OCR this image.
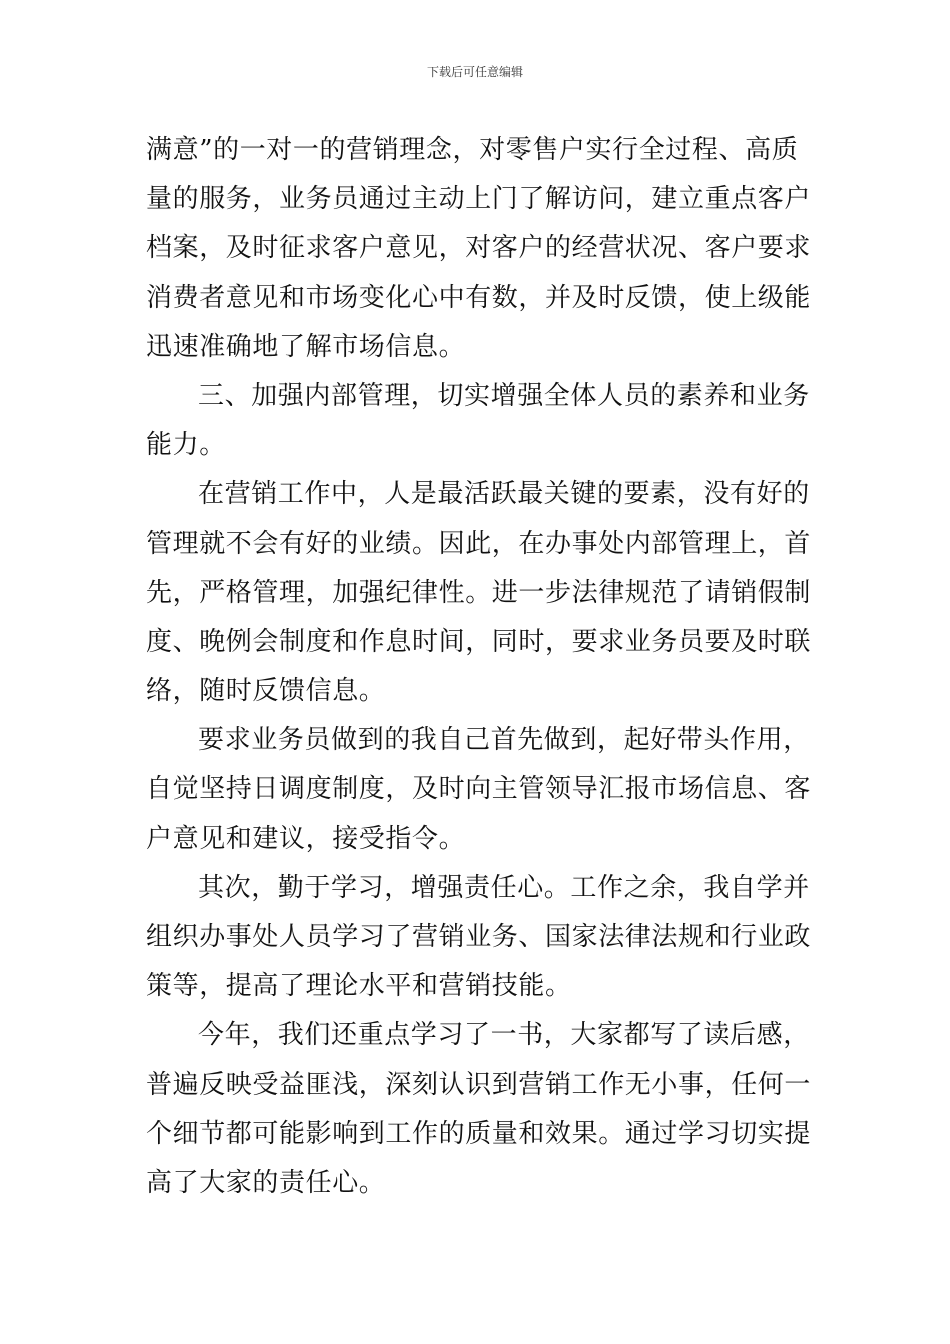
下载后可任意编辑
满意”的一对一的营销理念，对零售户实行全过程、高质
量的服务，业务员通过主动上门了解访问，建立重点客户
档案，及时征求客户意见，对客户的经营状况、客户要求
消费者意见和市场变化心中有数，并及时反馈，使上级能
迅速准确地了解市场信息。
三、加强内部管理，切实增强全体人员的素养和业务
能力。
在营销工作中，人是最活跃最关键的要素，没有好的
管理就不会有好的业绩。因此，在办事处内部管理上，首
先，严格管理，加强纪律性。进一步法律规范了请销假制
度、晚例会制度和作息时间，同时，要求业务员要及时联
络，随时反馈信息。
要求业务员做到的我自己首先做到，起好带头作用，
自觉坚持日调度制度，及时向主管领导汇报市场信息、客
户意见和建议，接受指令。
其次，勤于学习，增强责任心。工作之余，我自学并
组织办事处人员学习了营销业务、国家法律法规和行业政
策等，提高了理论水平和营销技能。
今年，我们还重点学习了一书，大家都写了读后感，
普遍反映受益匪浅，深刻认识到营销工作无小事，任何一
个细节都可能影响到工作的质量和效果。通过学习切实提
高了大家的责任心。
